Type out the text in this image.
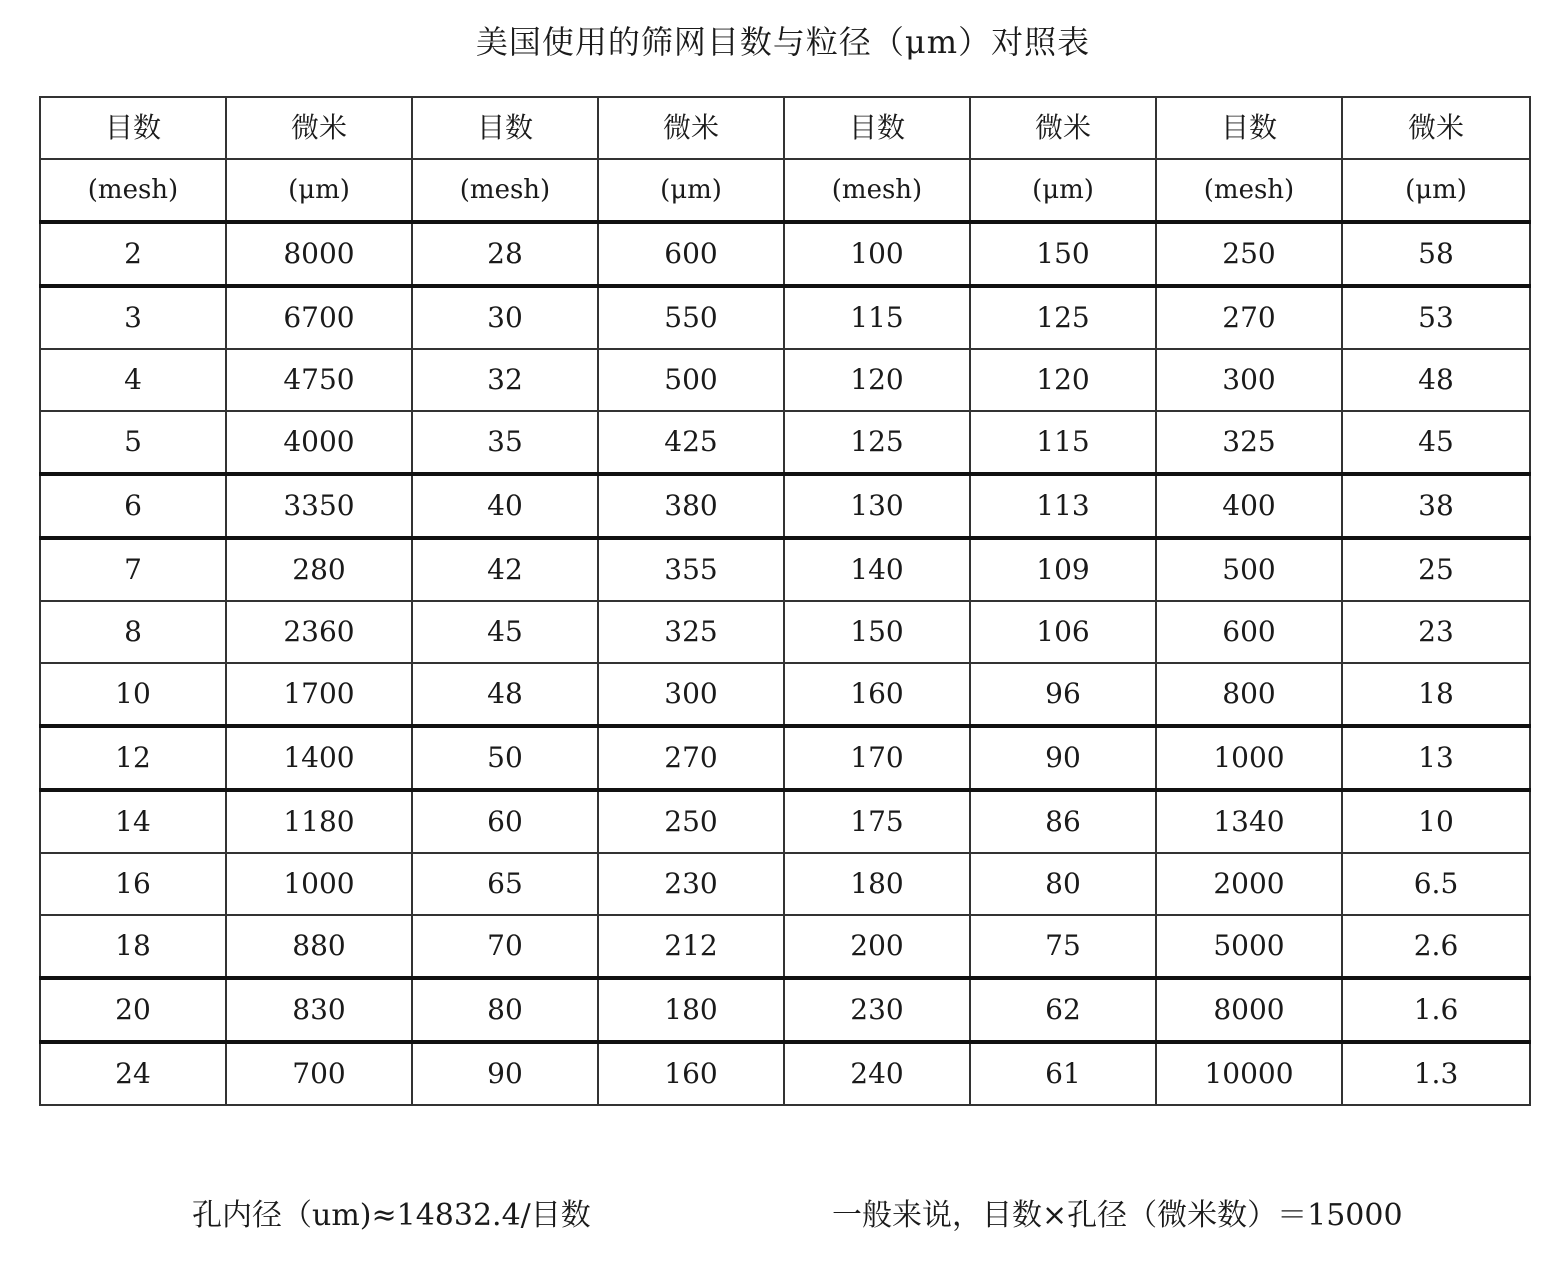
美国使用的筛网目数与粒径（μm）对照表
目数	微米	目数	微米	目数	微米	目数	微米
(mesh)	(μm)	(mesh)	(μm)	(mesh)	(μm)	(mesh)	(μm)
2	8000	28	600	100	150	250	58
3	6700	30	550	115	125	270	53
4	4750	32	500	120	120	300	48
5	4000	35	425	125	115	325	45
6	3350	40	380	130	113	400	38
7	280	42	355	140	109	500	25
8	2360	45	325	150	106	600	23
10	1700	48	300	160	96	800	18
12	1400	50	270	170	90	1000	13
14	1180	60	250	175	86	1340	10
16	1000	65	230	180	80	2000	6.5
18	880	70	212	200	75	5000	2.6
20	830	80	180	230	62	8000	1.6
24	700	90	160	240	61	10000	1.3
孔内径（um)≈14832.4/目数	一般来说，目数×孔径（微米数）＝15000
